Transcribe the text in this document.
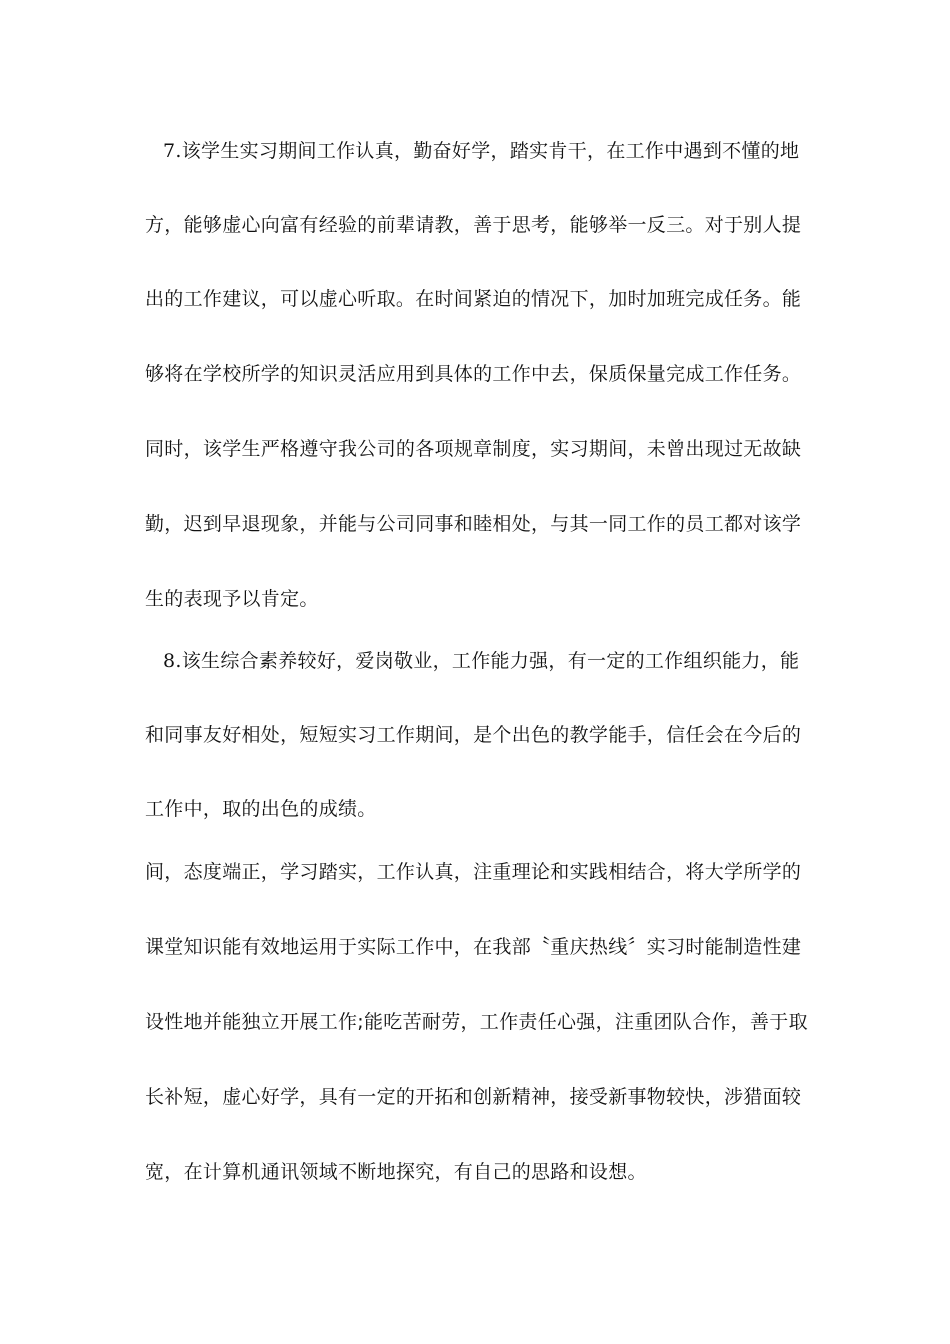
7.该学生实习期间工作认真，勤奋好学，踏实肯干，在工作中遇到不懂的地
方，能够虚心向富有经验的前辈请教，善于思考，能够举一反三。对于别人提
出的工作建议，可以虚心听取。在时间紧迫的情况下，加时加班完成任务。能
够将在学校所学的知识灵活应用到具体的工作中去，保质保量完成工作任务。
同时，该学生严格遵守我公司的各项规章制度，实习期间，未曾出现过无故缺
勤，迟到早退现象，并能与公司同事和睦相处，与其一同工作的员工都对该学
生的表现予以肯定。
8.该生综合素养较好，爱岗敬业，工作能力强，有一定的工作组织能力，能
和同事友好相处，短短实习工作期间，是个出色的教学能手，信任会在今后的
工作中，取的出色的成绩。
间，态度端正，学习踏实，工作认真，注重理论和实践相结合，将大学所学的
课堂知识能有效地运用于实际工作中，在我部〝重庆热线〞实习时能制造性建
设性地并能独立开展工作;能吃苦耐劳，工作责任心强，注重团队合作，善于取
长补短，虚心好学，具有一定的开拓和创新精神，接受新事物较快，涉猎面较
宽，在计算机通讯领域不断地探究，有自己的思路和设想。
